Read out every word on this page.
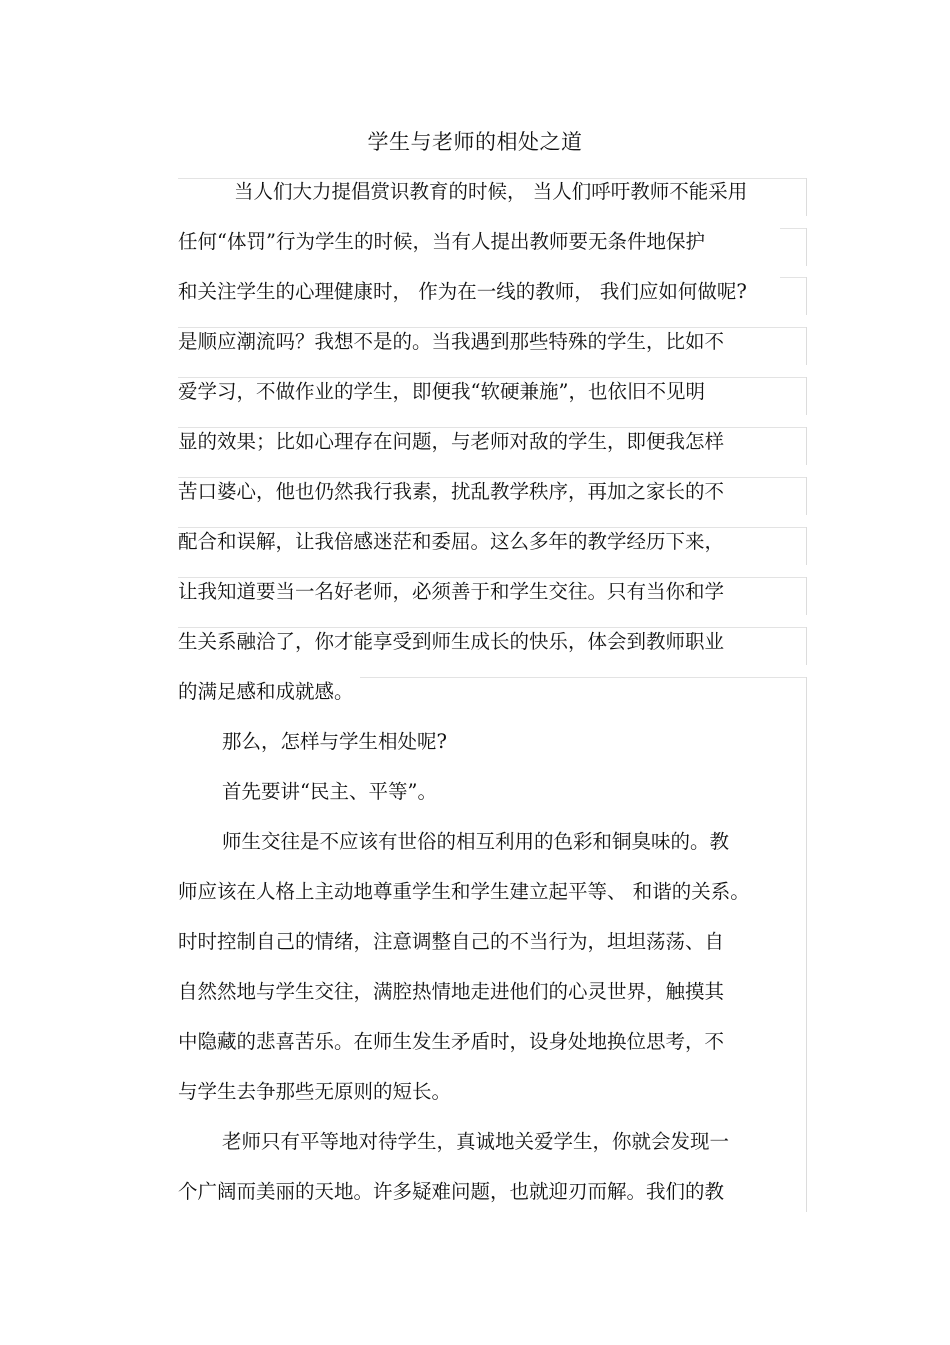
学生与老师的相处之道
当人们大力提倡赏识教育的时候， 当人们呼吁教师不能采用
任何“体罚”行为学生的时候，当有人提出教师要无条件地保护
和关注学生的心理健康时， 作为在一线的教师， 我们应如何做呢?
是顺应潮流吗？我想不是的。当我遇到那些特殊的学生，比如不
爱学习，不做作业的学生，即便我“软硬兼施”，也依旧不见明
显的效果；比如心理存在问题，与老师对敌的学生，即便我怎样
苦口婆心，他也仍然我行我素，扰乱教学秩序，再加之家长的不
配合和误解，让我倍感迷茫和委屈。这么多年的教学经历下来，
让我知道要当一名好老师，必须善于和学生交往。只有当你和学
生关系融洽了，你才能享受到师生成长的快乐，体会到教师职业
的满足感和成就感。
那么，怎样与学生相处呢?
首先要讲“民主、平等”。
师生交往是不应该有世俗的相互利用的色彩和铜臭味的。教
师应该在人格上主动地尊重学生和学生建立起平等、 和谐的关系。
时时控制自己的情绪，注意调整自己的不当行为，坦坦荡荡、自
自然然地与学生交往，满腔热情地走进他们的心灵世界，触摸其
中隐藏的悲喜苦乐。在师生发生矛盾时，设身处地换位思考，不
与学生去争那些无原则的短长。
老师只有平等地对待学生，真诚地关爱学生，你就会发现一
个广阔而美丽的天地。许多疑难问题，也就迎刃而解。我们的教
